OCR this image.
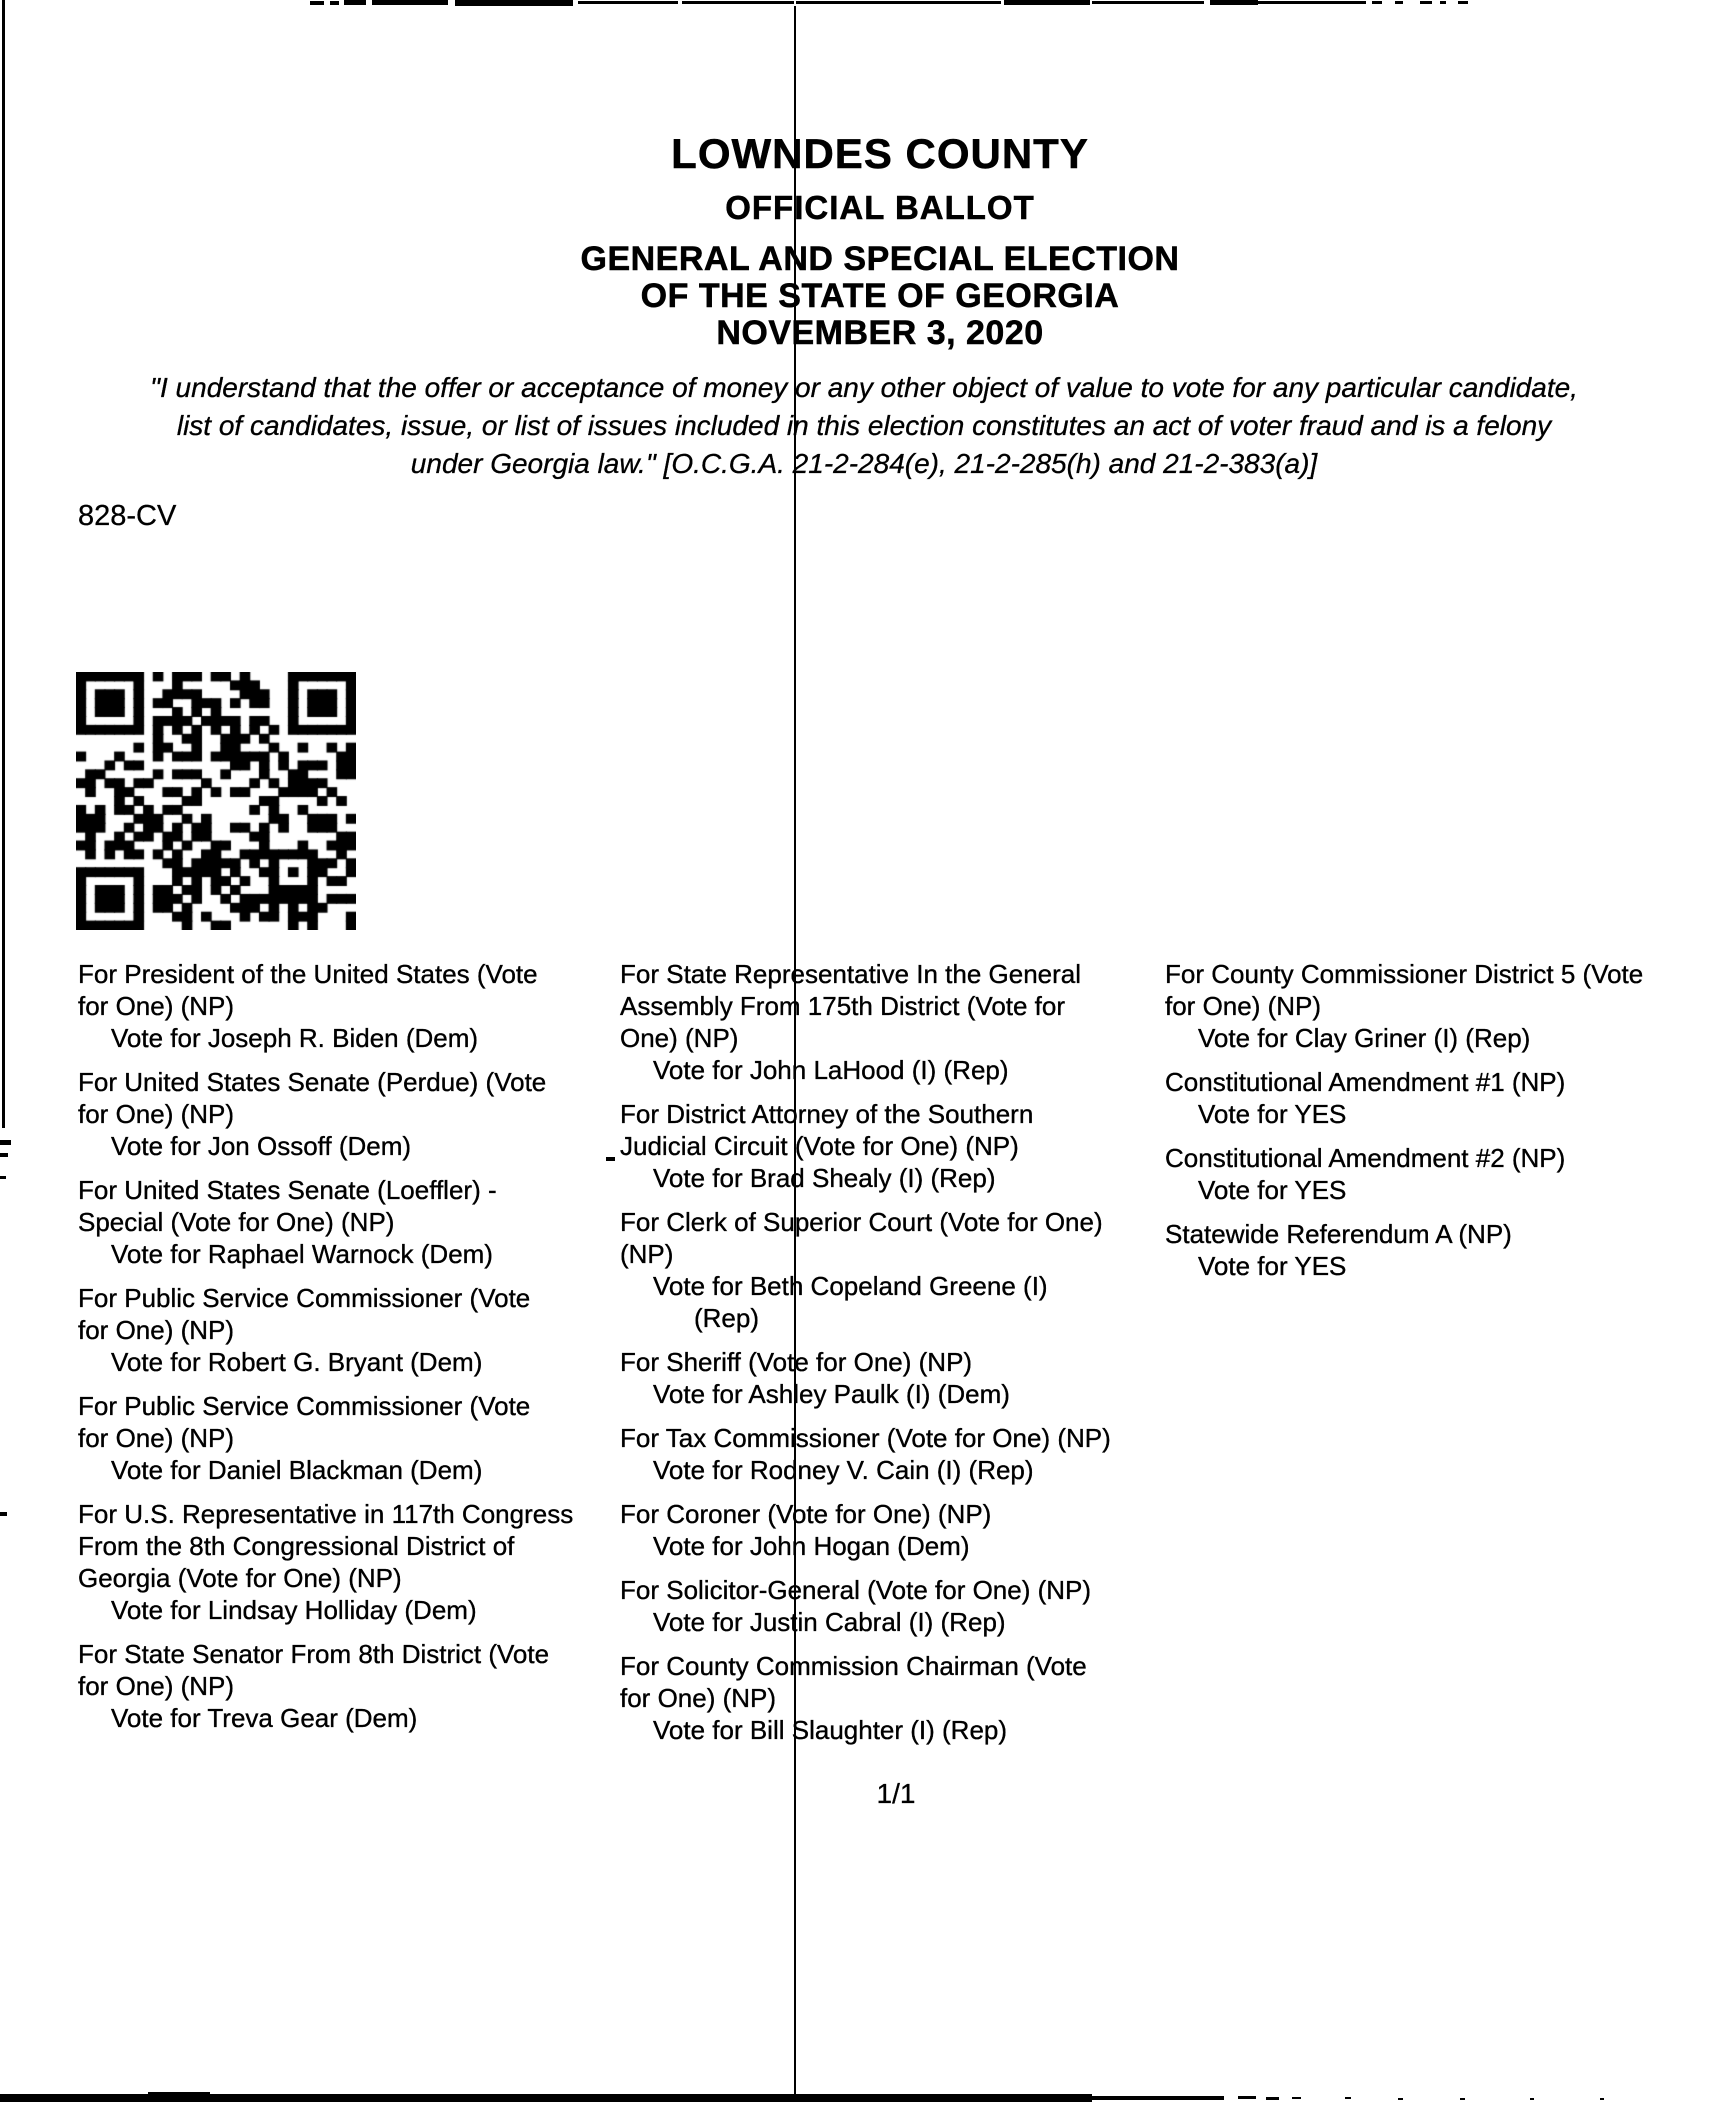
LOWNDES COUNTY
OFFICIAL BALLOT
GENERAL AND SPECIAL ELECTION
OF THE STATE OF GEORGIA
NOVEMBER 3, 2020
"I understand that the offer or acceptance of money or any other object of value to vote for any particular candidate,
list of candidates, issue, or list of issues included in this election constitutes an act of voter fraud and is a felony
under Georgia law." [O.C.G.A. 21-2-284(e), 21-2-285(h) and 21-2-383(a)]
828-CV
For President of the United States (Vote
for One) (NP)
Vote for Joseph R. Biden (Dem)
For United States Senate (Perdue) (Vote
for One) (NP)
Vote for Jon Ossoff (Dem)
For United States Senate (Loeffler) -
Special (Vote for One) (NP)
Vote for Raphael Warnock (Dem)
For Public Service Commissioner (Vote
for One) (NP)
Vote for Robert G. Bryant (Dem)
For Public Service Commissioner (Vote
for One) (NP)
Vote for Daniel Blackman (Dem)
For U.S. Representative in 117th Congress
From the 8th Congressional District of
Georgia (Vote for One) (NP)
Vote for Lindsay Holliday (Dem)
For State Senator From 8th District (Vote
for One) (NP)
Vote for Treva Gear (Dem)
For State Representative In the General
Assembly From 175th District (Vote for
One) (NP)
Vote for John LaHood (I) (Rep)
For District Attorney of the Southern
Judicial Circuit (Vote for One) (NP)
Vote for Brad Shealy (I) (Rep)
For Clerk of Superior Court (Vote for One)
(NP)
Vote for Beth Copeland Greene (I)
(Rep)
For Sheriff (Vote for One) (NP)
Vote for Ashley Paulk (I) (Dem)
For Tax Commissioner (Vote for One) (NP)
Vote for Rodney V. Cain (I) (Rep)
For Coroner (Vote for One) (NP)
Vote for John Hogan (Dem)
For Solicitor-General (Vote for One) (NP)
Vote for Justin Cabral (I) (Rep)
For County Commission Chairman (Vote
for One) (NP)
Vote for Bill Slaughter (I) (Rep)
For County Commissioner District 5 (Vote
for One) (NP)
Vote for Clay Griner (I) (Rep)
Constitutional Amendment #1 (NP)
Vote for YES
Constitutional Amendment #2 (NP)
Vote for YES
Statewide Referendum A (NP)
Vote for YES
1/1
